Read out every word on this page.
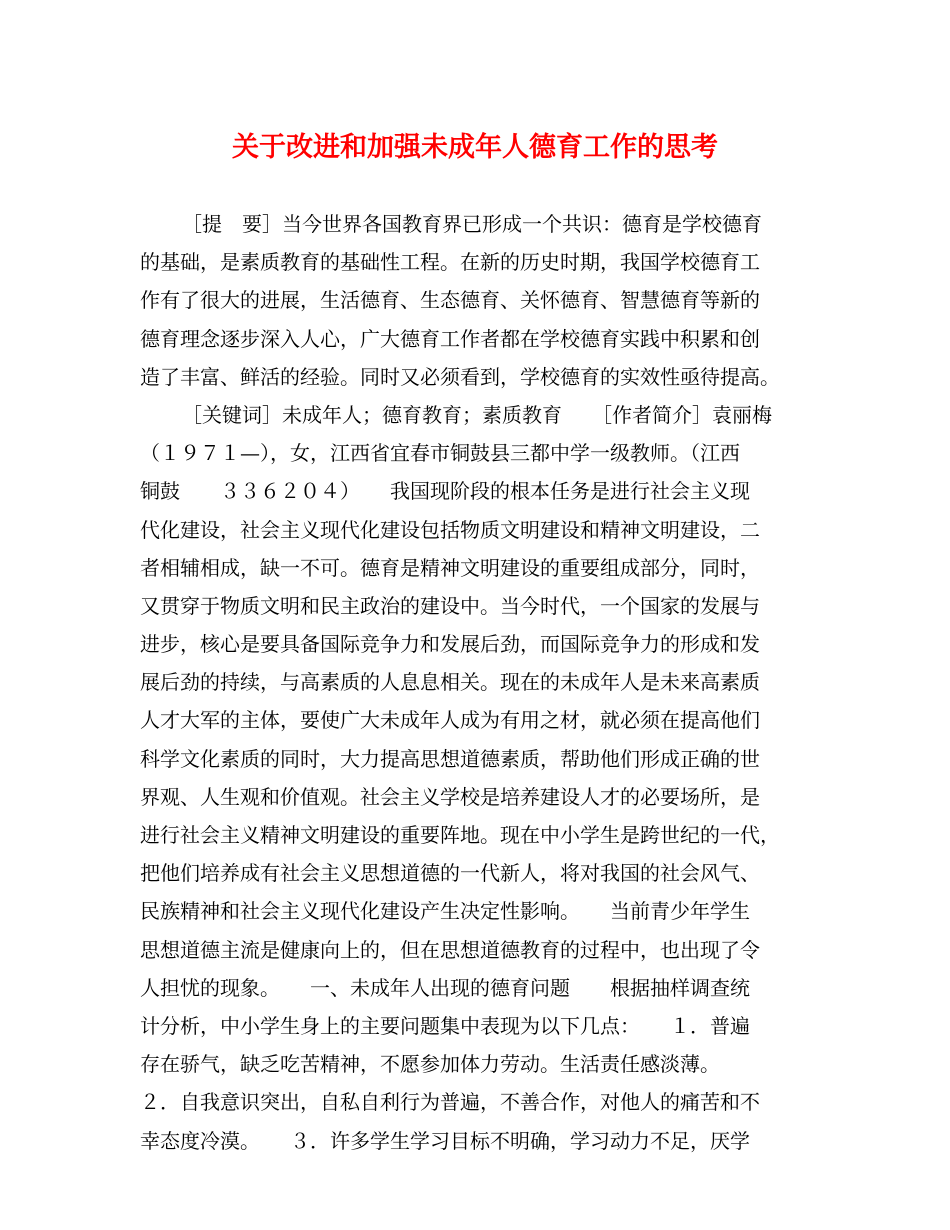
关于改进和加强未成年人德育工作的思考
［提　要］当今世界各国教育界已形成一个共识：德育是学校德育
的基础，是素质教育的基础性工程。在新的历史时期，我国学校德育工
作有了很大的进展，生活德育、生态德育、关怀德育、智慧德育等新的
德育理念逐步深入人心，广大德育工作者都在学校德育实践中积累和创
造了丰富、鲜活的经验。同时又必须看到，学校德育的实效性亟待提高。
［关键词］未成年人；德育教育；素质教育　　［作者简介］袁丽梅
（１９７１—），女，江西省宜春市铜鼓县三都中学一级教师。（江西
铜鼓　　３３６２０４）　　我国现阶段的根本任务是进行社会主义现
代化建设，社会主义现代化建设包括物质文明建设和精神文明建设，二
者相辅相成，缺一不可。德育是精神文明建设的重要组成部分，同时，
又贯穿于物质文明和民主政治的建设中。当今时代，一个国家的发展与
进步，核心是要具备国际竞争力和发展后劲，而国际竞争力的形成和发
展后劲的持续，与高素质的人息息相关。现在的未成年人是未来高素质
人才大军的主体，要使广大未成年人成为有用之材，就必须在提高他们
科学文化素质的同时，大力提高思想道德素质，帮助他们形成正确的世
界观、人生观和价值观。社会主义学校是培养建设人才的必要场所，是
进行社会主义精神文明建设的重要阵地。现在中小学生是跨世纪的一代，
把他们培养成有社会主义思想道德的一代新人，将对我国的社会风气、
民族精神和社会主义现代化建设产生决定性影响。　　当前青少年学生
思想道德主流是健康向上的，但在思想道德教育的过程中，也出现了令
人担忧的现象。　　一、未成年人出现的德育问题　　根据抽样调查统
计分析，中小学生身上的主要问题集中表现为以下几点：　　１．普遍
存在骄气，缺乏吃苦精神，不愿参加体力劳动。生活责任感淡薄。
２．自我意识突出，自私自利行为普遍，不善合作，对他人的痛苦和不
幸态度冷漠。　　３．许多学生学习目标不明确，学习动力不足，厌学
